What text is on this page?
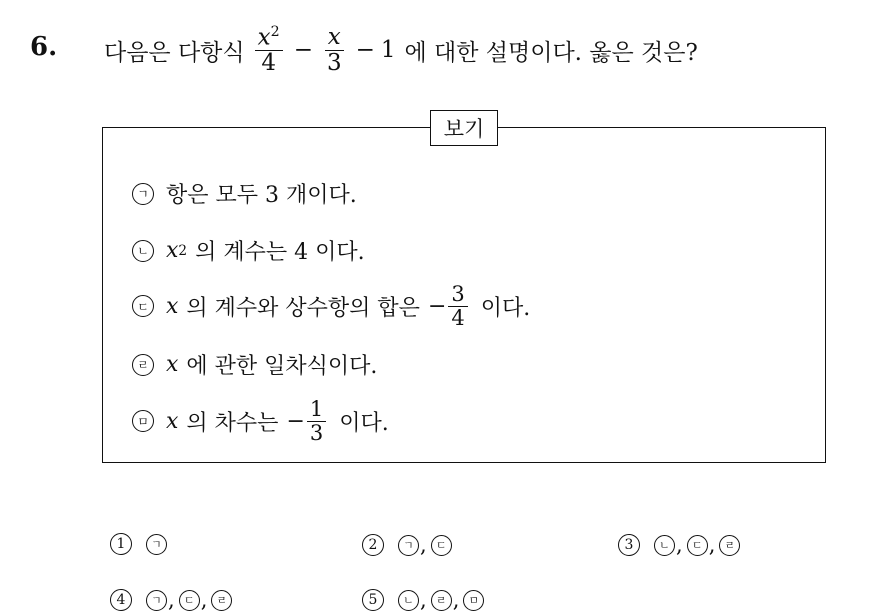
6. 다음은 다항식 $\frac{x^2}{4} - \frac{x}{3} - 1$ 에 대한 설명이다. 옳은 것은?
보기
ㄱ 항은 모두 3 개이다.
ㄴ x 2 의 계수는 4 이다.
ㄷ x 의 계수와 상수항의 합은 − $\frac{3}{4}$ 이다.
ㄹ x 에 관한 일차식이다.
ㅁ x 의 차수는 − $\frac{1}{3}$ 이다.
1	ㄱ	2	ㄱ , ㄷ	3	ㄴ , ㄷ , ㄹ
4	ㄱ , ㄷ , ㄹ	5	ㄴ , ㄹ , ㅁ
